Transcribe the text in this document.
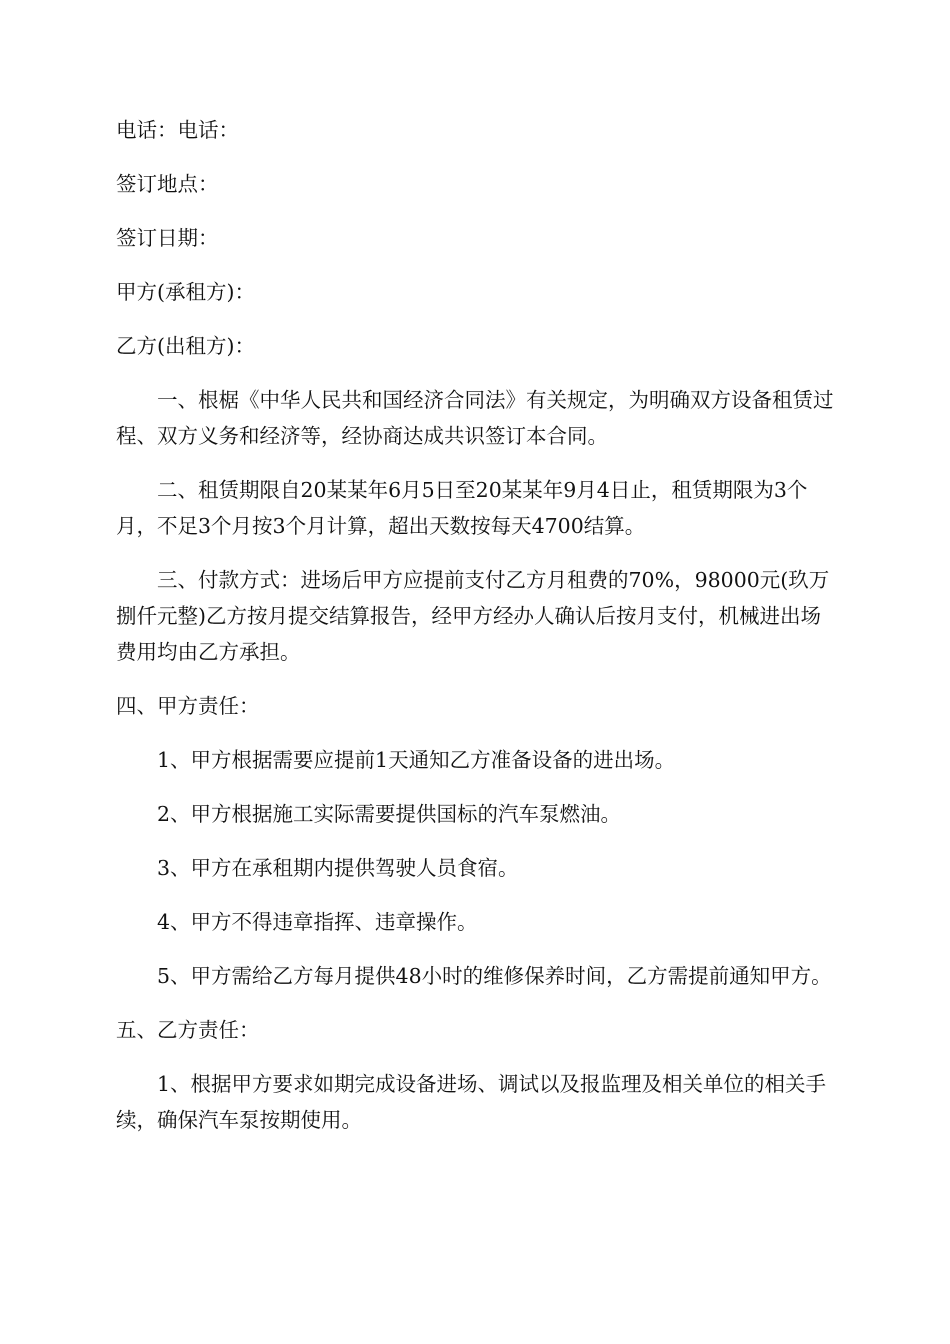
电话：电话：

签订地点：

签订日期：

甲方(承租方)：

乙方(出租方)：

一、根椐《中华人民共和国经济合同法》有关规定，为明确双方设备租赁过程、双方义务和经济等，经协商达成共识签订本合同。

二、租赁期限自20某某年6月5日至20某某年9月4日止，租赁期限为3个月，不足3个月按3个月计算，超出天数按每天4700结算。

三、付款方式：进场后甲方应提前支付乙方月租费的70%，98000元(玖万捌仟元整)乙方按月提交结算报告，经甲方经办人确认后按月支付，机械进出场费用均由乙方承担。

四、甲方责任：

1、甲方根据需要应提前1天通知乙方准备设备的进出场。

2、甲方根据施工实际需要提供国标的汽车泵燃油。

3、甲方在承租期内提供驾驶人员食宿。

4、甲方不得违章指挥、违章操作。

5、甲方需给乙方每月提供48小时的维修保养时间，乙方需提前通知甲方。

五、乙方责任：

1、根据甲方要求如期完成设备进场、调试以及报监理及相关单位的相关手续，确保汽车泵按期使用。
